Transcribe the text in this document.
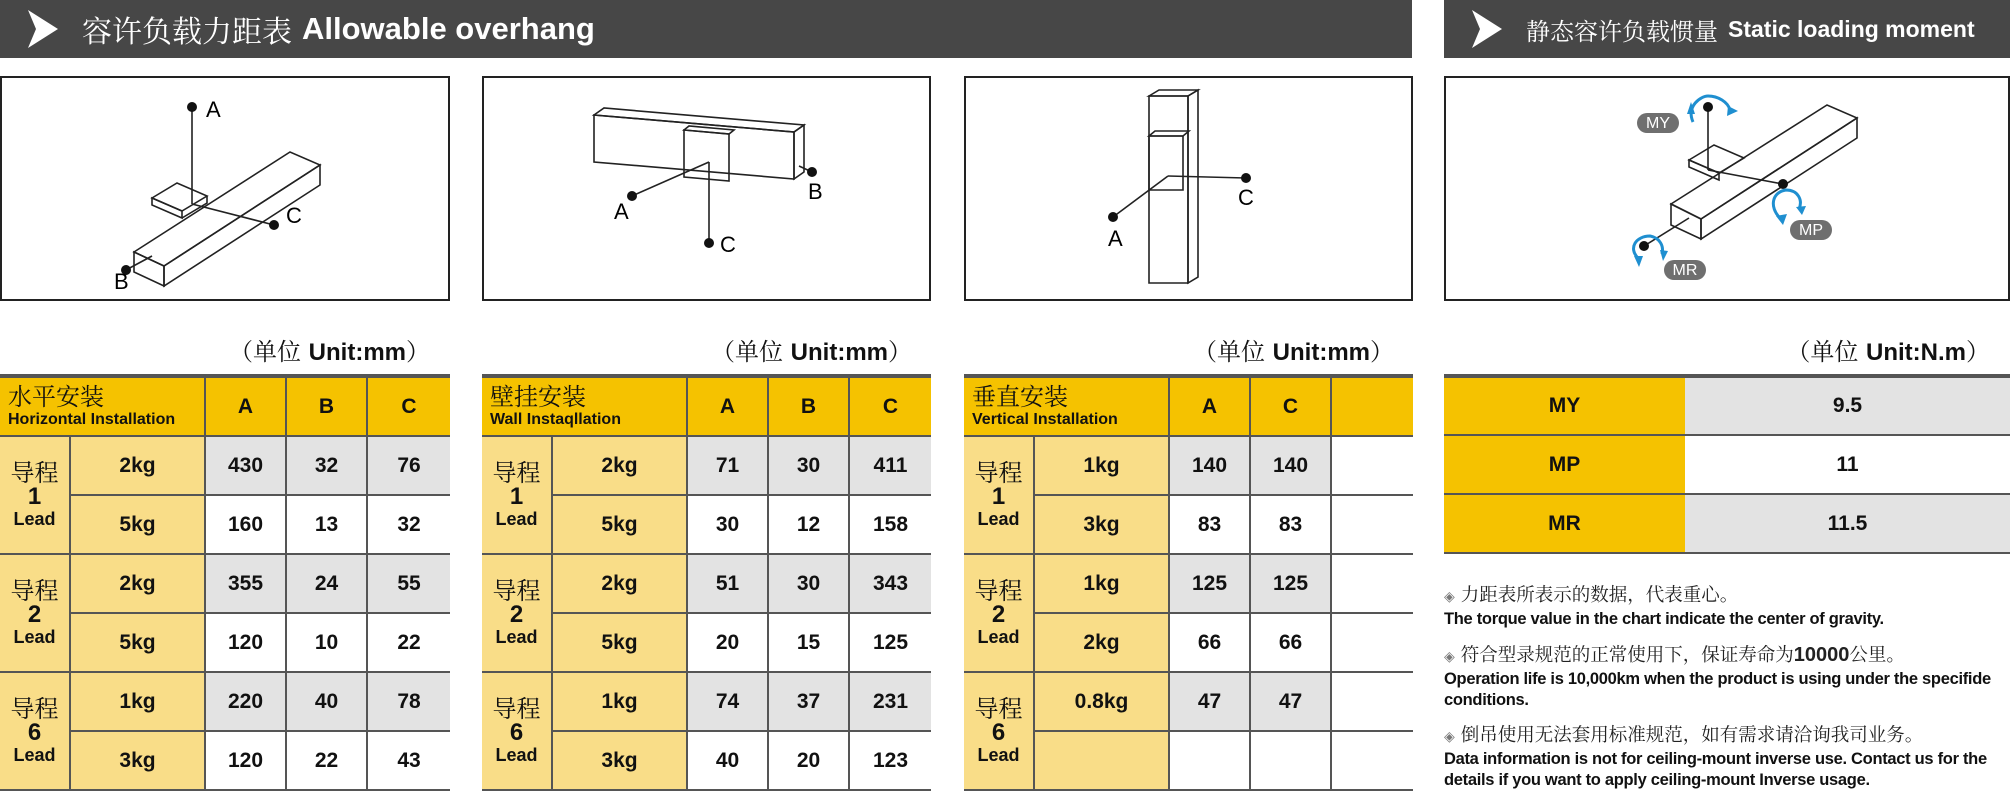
容许负载力距表 Allowable overhang	静态容许负载惯量 Static loading moment
A
C
B
A
C
B
A
C
MY
MP
MR
（单位 Unit:mm）	（单位 Unit:mm）	（单位 Unit:mm）	（单位 Unit:N.m）
水平安装
Horizontal Installation		A	B	C

导程
1
Lead	2kg	430	32	76
	5kg	160	13	32

导程
2
Lead	2kg	355	24	55
	5kg	120	10	22

导程
6
Lead	1kg	220	40	78
	3kg	120	22	43
壁挂安装
Wall Instaqllation		A	B	C

导程
1
Lead	2kg	71	30	411
	5kg	30	12	158

导程
2
Lead	2kg	51	30	343
	5kg	20	15	125

导程
6
Lead	1kg	74	37	231
	3kg	40	20	123
垂直安装
Vertical Installation		A	C	

导程
1
Lead	1kg	140	140	
	3kg	83	83	

导程
2
Lead	1kg	125	125	
	2kg	66	66	

导程
6
Lead	0.8kg	47	47	

MY	9.5
MP	11
MR	11.5
◈ 力距表所表示的数据，代表重心。
The torque value in the chart indicate the center of gravity.
◈ 符合型录规范的正常使用下，保证寿命为10000公里。
Operation life is 10,000km when the product is using under the specifide conditions.
◈ 倒吊使用无法套用标准规范，如有需求请洽询我司业务。
Data information is not for ceiling-mount inverse use. Contact us for the details if you want to apply ceiling-mount Inverse usage.
